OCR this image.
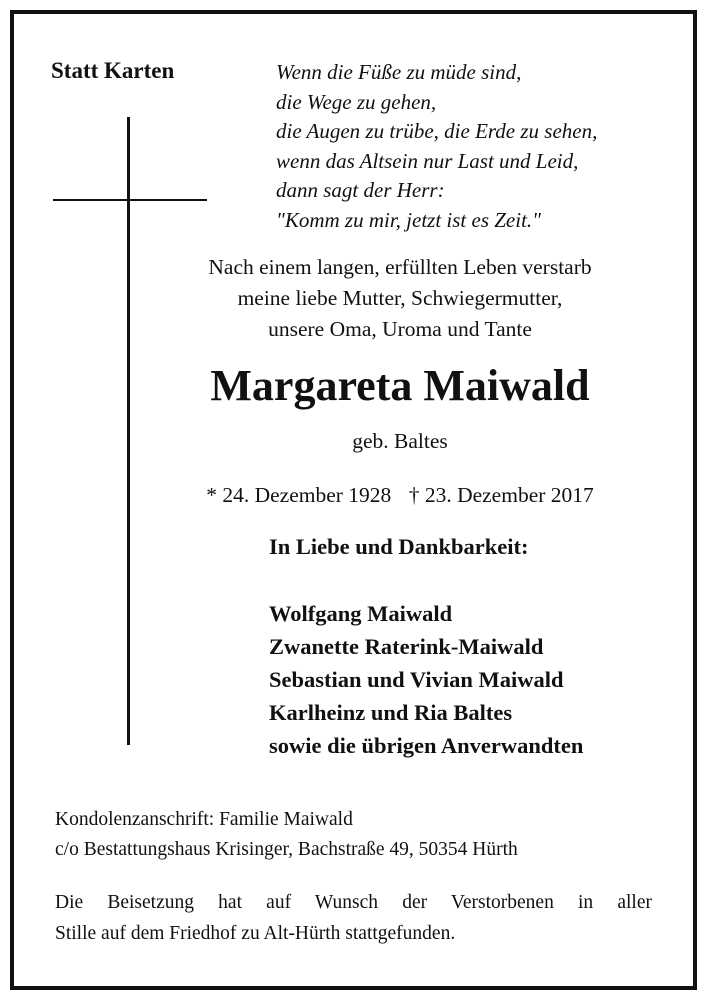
Statt Karten	Wenn die Füße zu müde sind,
die Wege zu gehen,
die Augen zu trübe, die Erde zu sehen,
wenn das Altsein nur Last und Leid,
dann sagt der Herr:
"Komm zu mir, jetzt ist es Zeit."
Nach einem langen, erfüllten Leben verstarb
meine liebe Mutter, Schwiegermutter,
unsere Oma, Uroma und Tante
Margareta Maiwald
geb. Baltes
* 24. Dezember 1928 † 23. Dezember 2017
In Liebe und Dankbarkeit:
Wolfgang Maiwald
Zwanette Raterink-Maiwald
Sebastian und Vivian Maiwald
Karlheinz und Ria Baltes
sowie die übrigen Anverwandten
Kondolenzanschrift: Familie Maiwald
c/o Bestattungshaus Krisinger, Bachstraße 49, 50354 Hürth
Die Beisetzung hat auf Wunsch der Verstorbenen in aller
Stille auf dem Friedhof zu Alt-Hürth stattgefunden.
